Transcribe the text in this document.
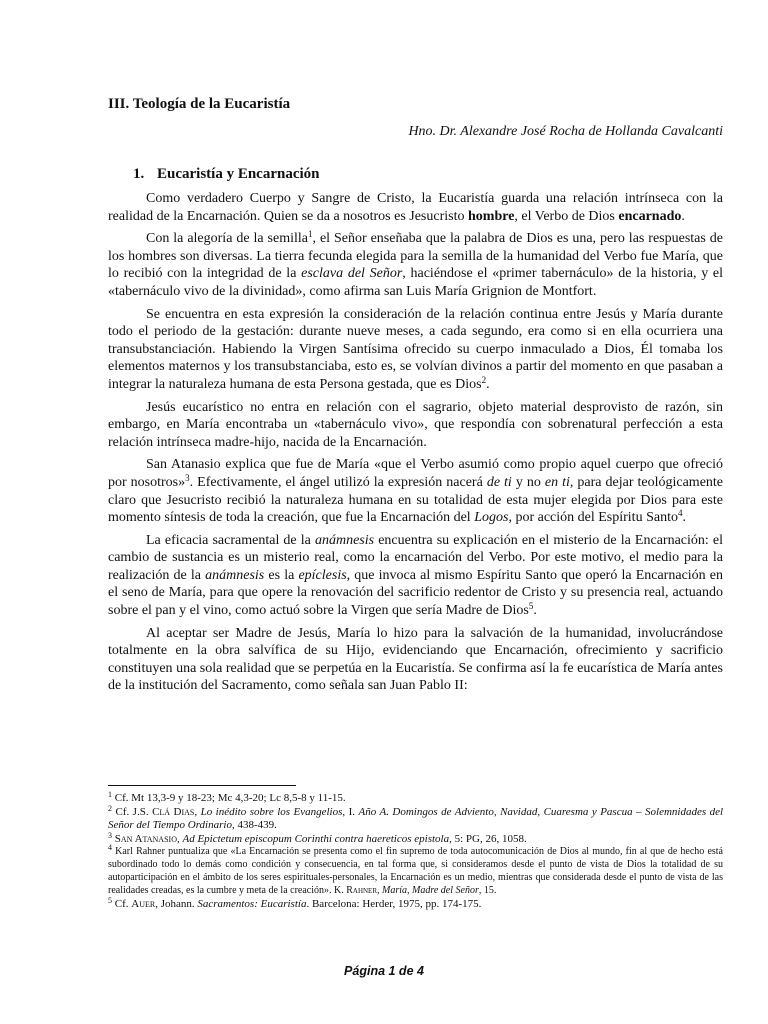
III. Teología de la Eucaristía
Hno. Dr. Alexandre José Rocha de Hollanda Cavalcanti
1. Eucaristía y Encarnación

Como verdadero Cuerpo y Sangre de Cristo, la Eucaristía guarda una relación intrínseca con la realidad de la Encarnación. Quien se da a nosotros es Jesucristo hombre, el Verbo de Dios encarnado.

Con la alegoría de la semilla$^1$, el Señor enseñaba que la palabra de Dios es una, pero las respuestas de los hombres son diversas. La tierra fecunda elegida para la semilla de la humanidad del Verbo fue María, que lo recibió con la integridad de la esclava del Señor, haciéndose el «primer tabernáculo» de la historia, y el «tabernáculo vivo de la divinidad», como afirma san Luis María Grignion de Montfort.

Se encuentra en esta expresión la consideración de la relación continua entre Jesús y María durante todo el periodo de la gestación: durante nueve meses, a cada segundo, era como si en ella ocurriera una transubstanciación. Habiendo la Virgen Santísima ofrecido su cuerpo inmaculado a Dios, Él tomaba los elementos maternos y los transubstanciaba, esto es, se volvían divinos a partir del momento en que pasaban a integrar la naturaleza humana de esta Persona gestada, que es Dios$^2$.

Jesús eucarístico no entra en relación con el sagrario, objeto material desprovisto de razón, sin embargo, en María encontraba un «tabernáculo vivo», que respondía con sobrenatural perfección a esta relación intrínseca madre-hijo, nacida de la Encarnación.

San Atanasio explica que fue de María «que el Verbo asumió como propio aquel cuerpo que ofreció por nosotros»$^3$. Efectivamente, el ángel utilizó la expresión nacerá de ti y no en ti, para dejar teológicamente claro que Jesucristo recibió la naturaleza humana en su totalidad de esta mujer elegida por Dios para este momento síntesis de toda la creación, que fue la Encarnación del Logos, por acción del Espíritu Santo$^4$.

La eficacia sacramental de la anámnesis encuentra su explicación en el misterio de la Encarnación: el cambio de sustancia es un misterio real, como la encarnación del Verbo. Por este motivo, el medio para la realización de la anámnesis es la epíclesis, que invoca al mismo Espíritu Santo que operó la Encarnación en el seno de María, para que opere la renovación del sacrificio redentor de Cristo y su presencia real, actuando sobre el pan y el vino, como actuó sobre la Virgen que sería Madre de Dios$^5$.

Al aceptar ser Madre de Jesús, María lo hizo para la salvación de la humanidad, involucrándose totalmente en la obra salvífica de su Hijo, evidenciando que Encarnación, ofrecimiento y sacrificio constituyen una sola realidad que se perpetúa en la Eucaristía. Se confirma así la fe eucarística de María antes de la institución del Sacramento, como señala san Juan Pablo II:

$^1$ Cf. Mt 13,3-9 y 18-23; Mc 4,3-20; Lc 8,5-8 y 11-15.

$^2$ Cf. J.S. Clá Dias, Lo inédito sobre los Evangelios, I. Año A. Domingos de Adviento, Navidad, Cuaresma y Pascua – Solemnidades del Señor del Tiempo Ordinario, 438-439.

$^3$ San Atanasio, Ad Epictetum episcopum Corinthi contra haereticos epistola, 5: PG, 26, 1058.

$^4$ Karl Rahner puntualiza que «La Encarnación se presenta como el fin supremo de toda autocomunicación de Dios al mundo, fin al que de hecho está subordinado todo lo demás como condición y consecuencia, en tal forma que, si consideramos desde el punto de vista de Dios la totalidad de su autoparticipación en el ámbito de los seres espirituales-personales, la Encarnación es un medio, mientras que considerada desde el punto de vista de las realidades creadas, es la cumbre y meta de la creación». K. Rahner, María, Madre del Señor, 15.

$^5$ Cf. Auer, Johann. Sacramentos: Eucaristía. Barcelona: Herder, 1975, pp. 174-175.

Página 1 de 4
